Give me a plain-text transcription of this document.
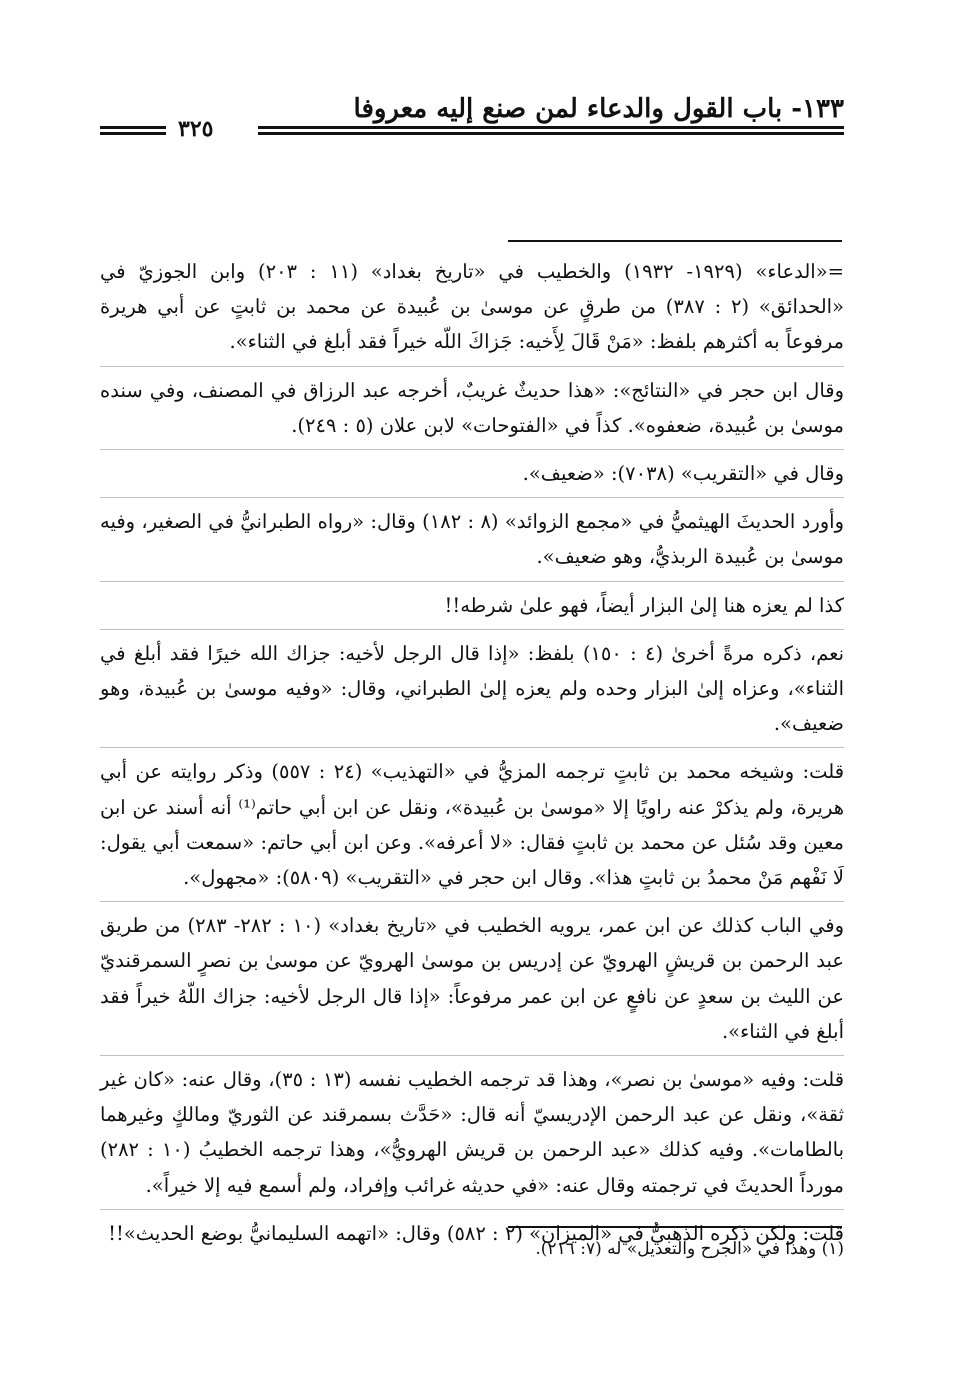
١٣٣- باب القول والدعاء لمن صنع إليه معروفا
٣٢٥

=«الدعاء» (١٩٢٩- ١٩٣٢) والخطيب في «تاريخ بغداد» (١١ : ٢٠٣) وابن الجوزيّ في «الحدائق» (٢ : ٣٨٧) من طرقٍ عن موسىٰ بن عُبيدة عن محمد بن ثابتٍ عن أبي هريرة مرفوعاً به أكثرهم بلفظ: «مَنْ قَالَ لِأَخيه: جَزاكَ اللّه خيراً فقد أبلغ في الثناء».

وقال ابن حجر في «النتائج»: «هذا حديثٌ غريبٌ، أخرجه عبد الرزاق في المصنف، وفي سنده موسىٰ بن عُبيدة، ضعفوه». كذاً في «الفتوحات» لابن علان (٥ : ٢٤٩).

وقال في «التقريب» (٧٠٣٨): «ضعيف».

وأورد الحديثَ الهيثميُّ في «مجمع الزوائد» (٨ : ١٨٢) وقال: «رواه الطبرانيُّ في الصغير، وفيه موسىٰ بن عُبيدة الربذيُّ، وهو ضعيف».

كذا لم يعزه هنا إلىٰ البزار أيضاً، فهو علىٰ شرطه!!

نعم، ذكره مرةً أخرىٰ (٤ : ١٥٠) بلفظ: «إذا قال الرجل لأخيه: جزاك الله خيرًا فقد أبلغ في الثناء»، وعزاه إلىٰ البزار وحده ولم يعزه إلىٰ الطبراني، وقال: «وفيه موسىٰ بن عُبيدة، وهو ضعيف».

قلت: وشيخه محمد بن ثابتٍ ترجمه المزيُّ في «التهذيب» (٢٤ : ٥٥٧) وذكر روايته عن أبي هريرة، ولم يذكرْ عنه راويًا إلا «موسىٰ بن عُبيدة»، ونقل عن ابن أبي حاتم⁽¹⁾ أنه أسند عن ابن معين وقد سُئل عن محمد بن ثابتٍ فقال: «لا أعرفه». وعن ابن أبي حاتم: «سمعت أبي يقول: لَا نَفْهم مَنْ محمدُ بن ثابتٍ هذا». وقال ابن حجر في «التقريب» (٥٨٠٩): «مجهول».

وفي الباب كذلك عن ابن عمر، يرويه الخطيب في «تاريخ بغداد» (١٠ : ٢٨٢- ٢٨٣) من طريق عبد الرحمن بن قريشٍ الهرويّ عن إدريس بن موسىٰ الهرويّ عن موسىٰ بن نصرٍ السمرقنديّ عن الليث بن سعدٍ عن نافعٍ عن ابن عمر مرفوعاً: «إذا قال الرجل لأخيه: جزاك اللّهُ خيراً فقد أبلغ في الثناء».

قلت: وفيه «موسىٰ بن نصر»، وهذا قد ترجمه الخطيب نفسه (١٣ : ٣٥)، وقال عنه: «كان غير ثقة»، ونقل عن عبد الرحمن الإدريسيّ أنه قال: «حَدَّث بسمرقند عن الثوريّ ومالكٍ وغيرهما بالطامات». وفيه كذلك «عبد الرحمن بن قريش الهرويُّ»، وهذا ترجمه الخطيبُ (١٠ : ٢٨٢) مورداً الحديثَ في ترجمته وقال عنه: «في حديثه غرائب وإفراد، ولم أسمع فيه إلا خيراً».

قلت: ولكن ذكره الذهبيُّ في «الميزان» (٢ : ٥٨٢) وقال: «اتهمه السليمانيُّ بوضع الحديث»!!

(١) وهذا في «الجرح والتعديل» له (٧: ٢١٦).
